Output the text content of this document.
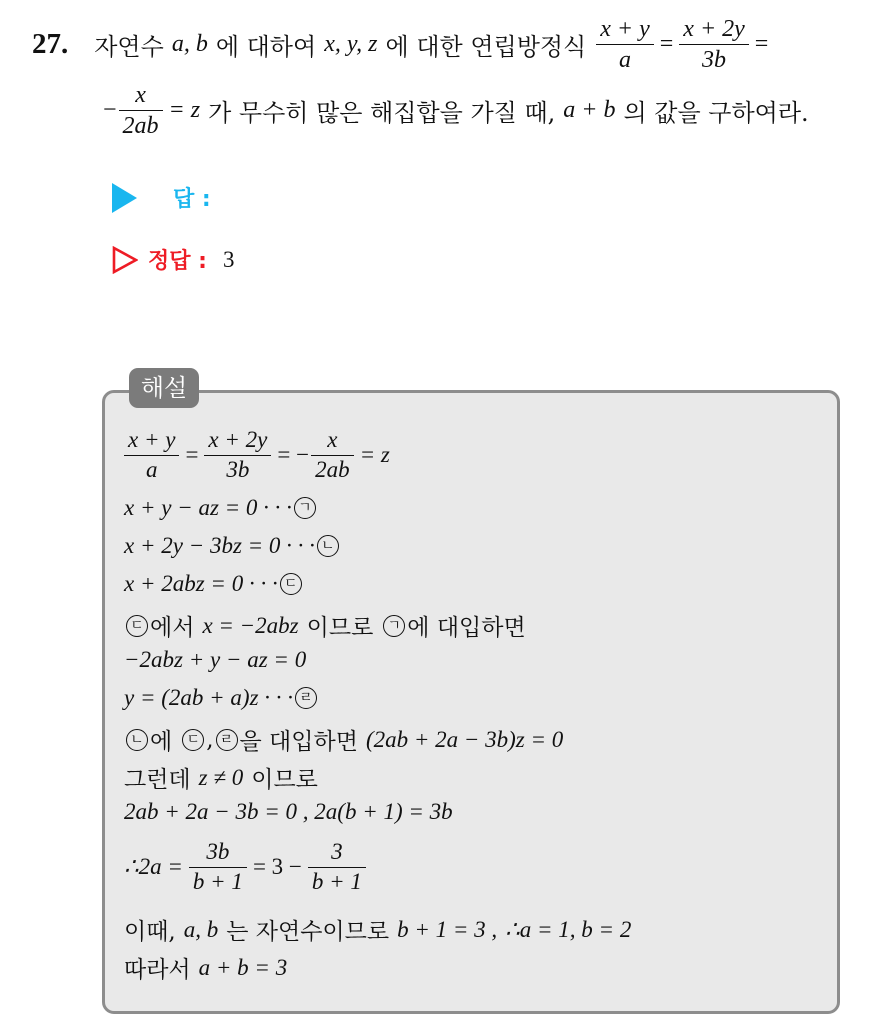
27. 자연수 a, b 에 대하여 x, y, z 에 대한 연립방정식 $\frac{x + y}{a} = \frac{x + 2y}{3b}$ =
− $\frac{x}{2ab} = z$ 가 무수히 많은 해집합을 가질 때, a + b 의 값을 구하여라.
답 :
정답 : 3
해설
$\frac{x + y}{a} = \frac{x + 2y}{3b}$ = − $\frac{x}{2ab} = z$
x + y − az = 0 · · · ㄱ
x + 2y − 3bz = 0 · · · ㄴ
x + 2abz = 0 · · · ㄷ
ㄷ 에서 x = −2abz 이므로	ㄱ 에 대입하면
−2abz + y − az = 0
y = (2ab + a)z · · · ㄹ
ㄴ 에	ㄷ , ㄹ 을 대입하면 (2ab + 2a − 3b)z = 0
그런데 z ≠ 0 이므로
2ab + 2a − 3b = 0 , 2a(b + 1) = 3b
∴2a = $\frac{3b}{b + 1} = 3 - \frac{3}{b + 1}$
이때, a, b 는 자연수이므로 b + 1 = 3 , ∴a = 1, b = 2
따라서 a + b = 3
